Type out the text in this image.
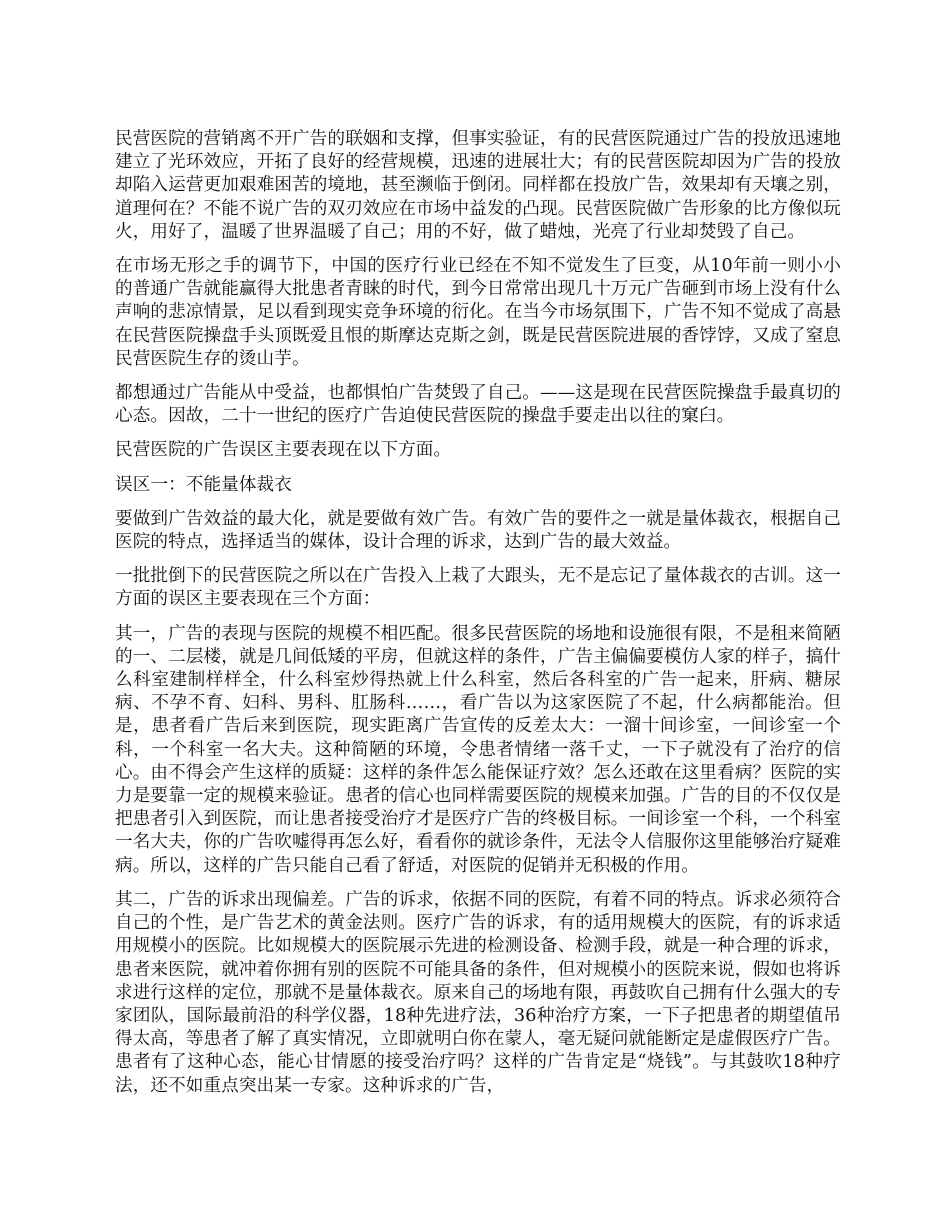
民营医院的营销离不开广告的联姻和支撑，但事实验证，有的民营医院通过广告的投放迅速地建立了光环效应，开拓了良好的经营规模，迅速的进展壮大；有的民营医院却因为广告的投放却陷入运营更加艰难困苦的境地，甚至濒临于倒闭。同样都在投放广告，效果却有天壤之别，道理何在？不能不说广告的双刃效应在市场中益发的凸现。民营医院做广告形象的比方像似玩火，用好了，温暖了世界温暖了自己；用的不好，做了蜡烛，光亮了行业却焚毁了自己。

在市场无形之手的调节下，中国的医疗行业已经在不知不觉发生了巨变，从10年前一则小小的普通广告就能赢得大批患者青睐的时代，到今日常常出现几十万元广告砸到市场上没有什么声响的悲凉情景，足以看到现实竞争环境的衍化。在当今市场氛围下，广告不知不觉成了高悬在民营医院操盘手头顶既爱且恨的斯摩达克斯之剑，既是民营医院进展的香饽饽，又成了窒息民营医院生存的烫山芋。

都想通过广告能从中受益，也都惧怕广告焚毁了自己。——这是现在民营医院操盘手最真切的心态。因故，二十一世纪的医疗广告迫使民营医院的操盘手要走出以往的窠臼。

民营医院的广告误区主要表现在以下方面。

误区一：不能量体裁衣

要做到广告效益的最大化，就是要做有效广告。有效广告的要件之一就是量体裁衣，根据自己医院的特点，选择适当的媒体，设计合理的诉求，达到广告的最大效益。

一批批倒下的民营医院之所以在广告投入上栽了大跟头，无不是忘记了量体裁衣的古训。这一方面的误区主要表现在三个方面：

其一，广告的表现与医院的规模不相匹配。很多民营医院的场地和设施很有限，不是租来简陋的一、二层楼，就是几间低矮的平房，但就这样的条件，广告主偏偏要模仿人家的样子，搞什么科室建制样样全，什么科室炒得热就上什么科室，然后各科室的广告一起来，肝病、糖尿病、不孕不育、妇科、男科、肛肠科……，看广告以为这家医院了不起，什么病都能治。但是，患者看广告后来到医院，现实距离广告宣传的反差太大：一溜十间诊室，一间诊室一个科，一个科室一名大夫。这种简陋的环境，令患者情绪一落千丈，一下子就没有了治疗的信心。由不得会产生这样的质疑：这样的条件怎么能保证疗效？怎么还敢在这里看病？医院的实力是要靠一定的规模来验证。患者的信心也同样需要医院的规模来加强。广告的目的不仅仅是把患者引入到医院，而让患者接受治疗才是医疗广告的终极目标。一间诊室一个科，一个科室一名大夫，你的广告吹嘘得再怎么好，看看你的就诊条件，无法令人信服你这里能够治疗疑难病。所以，这样的广告只能自己看了舒适，对医院的促销并无积极的作用。

其二，广告的诉求出现偏差。广告的诉求，依据不同的医院，有着不同的特点。诉求必须符合自己的个性，是广告艺术的黄金法则。医疗广告的诉求，有的适用规模大的医院，有的诉求适用规模小的医院。比如规模大的医院展示先进的检测设备、检测手段，就是一种合理的诉求，患者来医院，就冲着你拥有别的医院不可能具备的条件，但对规模小的医院来说，假如也将诉求进行这样的定位，那就不是量体裁衣。原来自己的场地有限，再鼓吹自己拥有什么强大的专家团队，国际最前沿的科学仪器，18种先进疗法，36种治疗方案，一下子把患者的期望值吊得太高，等患者了解了真实情况，立即就明白你在蒙人，毫无疑问就能断定是虚假医疗广告。患者有了这种心态，能心甘情愿的接受治疗吗？这样的广告肯定是“烧钱”。与其鼓吹18种疗法，还不如重点突出某一专家。这种诉求的广告，
